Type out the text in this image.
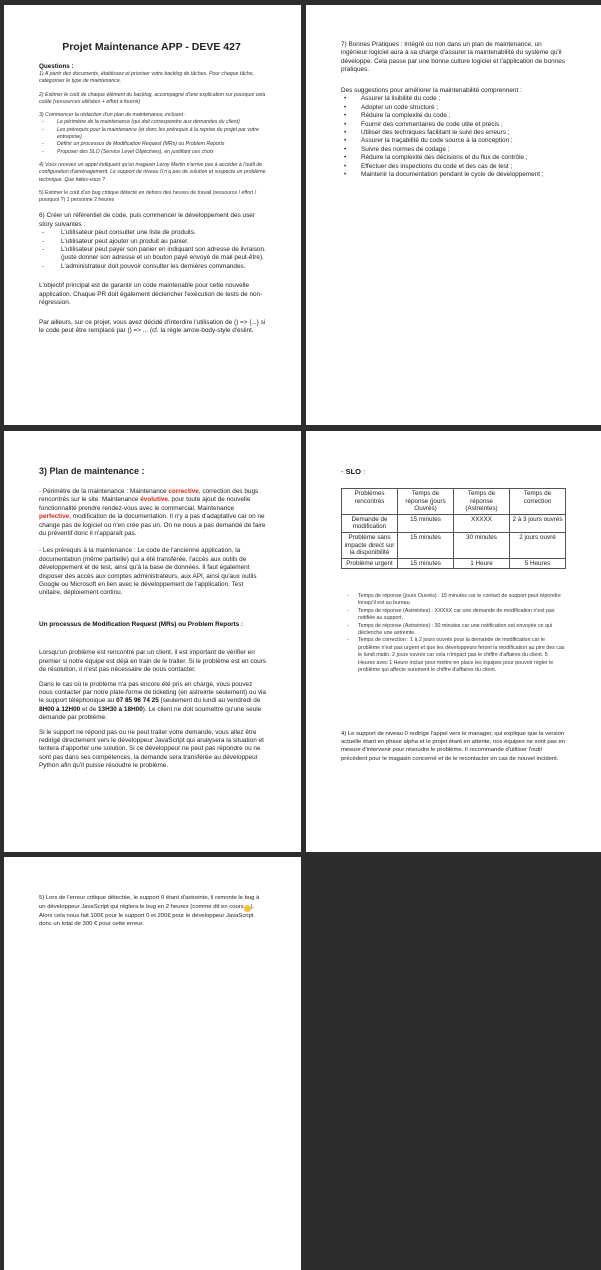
Projet Maintenance APP - DEVE 427
Questions :
1) A partir des documents, établissez et prioriser votre backlog de tâches. Pour chaque tâche, catégoriser le type de maintenance.
2) Estimer le coût de chaque élément du backlog, accompagné d'une explication sur pourquoi cela coûte (ressources utilisées + effort à fournir)
3) Commencer la rédaction d'un plan de maintenance, incluant :
- Le périmètre de la maintenance (qui doit correspondre aux demandes du client)
- Les prérequis pour la maintenance (et donc les prérequis à la reprise du projet par votre entreprise)
- Définir un processus de Modification Request (MRs) ou Problem Reports
- Proposer des SLO (Service Level Objectives), en justifiant ces choix
4) Vous recevez un appel indiquant qu'un magasin Leroy Merlin n'arrive pas à accéder à l'outil de configuration d'aménagement. Le support de niveau 0 n'a pas de solution et suspecte un problème technique. Que faites-vous ?
5) Estimer le coût d'un bug critique détecté en dehors des heures de travail (ressource / effort / pourquoi ?) 1 personne 2 heures
6) Créer un référentiel de code, puis commencer le développement des user story suivantes :
- L'utilisateur peut consulter une liste de produits.
- L'utilisateur peut ajouter un produit au panier.
- L'utilisateur peut payer son panier en indiquant son adresse de livraison. (juste donner son adresse et un bouton payé envoyé de mail peut-être).
- L'administrateur doit pouvoir consulter les dernières commandes.
L'objectif principal est de garantir un code maintenable pour cette nouvelle application. Chaque PR doit également déclencher l'exécution de tests de non-régression.
Par ailleurs, sur ce projet, vous avez décidé d'interdire l'utilisation de () => {...} si le code peut être remplacé par () => ... (cf. la règle arrow-body-style d'eslint.
7) Bonnes Pratiques : Intégré ou non dans un plan de maintenance, un ingénieur logiciel aura à sa charge d'assurer la maintenabilité du système qu'il développe. Cela passe par une bonne culture logiciel et l'application de bonnes pratiques.
Des suggestions pour améliorer la maintenabilité comprennent :
• Assurer la lisibilité du code ;
• Adopter un code structuré ;
• Réduire la complexité du code ;
• Fournir des commentaires de code utile et précis ;
• Utiliser des techniques facilitant le suivi des erreurs ;
• Assurer la traçabilité du code source à la conception ;
• Suivre des normes de codage ;
• Réduire la complexité des décisions et du flux de contrôle ;
• Effectuer des inspections du code et des cas de test ;
• Maintenir la documentation pendant le cycle de développement ;
3) Plan de maintenance :
- Périmètre de la maintenance : Maintenance corrective, correction des bugs rencontrés sur le site. Maintenance évolutive, pour toute ajout de nouvelle fonctionnalité prendre rendez-vous avec le commercial. Maintenance perfective, modification de la documentation. Il n'y a pas d'adaptative car on ne change pas de logiciel ou n'en crée pas un. On ne nous a pas demandé de faire du préventif donc il n'apparaît pas.
- Les prérequis à la maintenance : Le code de l'ancienne application, la documentation (même partielle) qui a été transférée, l'accès aux outils de développement et de test, ainsi qu'à la base de données. Il faut également disposer des accès aux comptes administrateurs, aux API, ainsi qu'aux outils Google ou Microsoft en lien avec le développement de l'application. Test unitaire, déploiement continu.
Un processus de Modification Request (MRs) ou Problem Reports :
Lorsqu'un problème est rencontré par un client, il est important de vérifier en premier si notre équipe est déjà en train de le traiter. Si le problème est en cours de résolution, il n'est pas nécessaire de nous contacter.
Dans le cas où le problème n'a pas encore été pris en charge, vous pouvez nous contacter par notre plate-forme de ticketing (en astreinte seulement) ou via le support téléphonique au 07 85 96 74 25 (seulement du lundi au vendredi de 8H00 à 12H00 et de 13H30 à 18H00). Le client ne doit soumettre qu'une seule demande par problème.
Si le support ne répond pas ou ne peut traiter votre demande, vous allez être redirigé directement vers le développeur JavaScript qui analysera la situation et tentera d'apporter une solution. Si ce développeur ne peut pas répondre ou ne sont pas dans ses compétences, la demande sera transférée au développeur Python afin qu'il puisse résoudre le problème.
- SLO :
Problèmes rencontrés	Temps de réponse (jours Ouvrés)	Temps de réponse (Astreintes)	Temps de correction
Demande de modification	15 minutes	XXXXX	2 à 3 jours ouvrés
Problème sans impacte direct sur la disponibilité	15 minutes	30 minutes	2 jours ouvré
Problème urgent	15 minutes	1 Heure	5 Heures
- Temps de réponse (jours Ouvrés) : 15 minutes car le contact de support peut répondre lorsqu'il est au bureau
- Temps de réponse (Astreintes) : XXXXX car une demande de modification n'est pas notifiée au support.
- Temps de réponse (Astreintes) : 30 minutes car une notification est envoyée ce qui déclenche une astreinte.
- Temps de correction : 1 à 2 jours ouvrés pour la demande de modification car le problème n'est pas urgent et que les développeurs feront la modification au pire des cas le lundi matin. 2 jours ouvrés car cela n'impact pas le chiffre d'affaires du client. 5 Heures avec 1 Heure inclue pour mettre en place les équipes pour pouvoir régler le problème qui affecte surement le chiffre d'affaires du client.
4) Le support de niveau 0 redirige l'appel vers le manager, qui explique que la version actuelle étant en phase alpha et le projet étant en attente, nos équipes ne sont pas en mesure d'intervenir pour résoudre le problème. Il recommande d'utiliser l'outil précédent pour le magasin concerné et de le recontacter en cas de nouvel incident.
5) Lors de l'erreur critique détectée, le support 0 étant d'astreinte, il remonte le bug à un développeur JavaScript qui règlera le bug en 2 heures (comme dit en cours ). Alors cela nous fait 100€ pour le support 0 et 200€ pour le développeur JavaScript donc un total de 300 € pour cette erreur.
